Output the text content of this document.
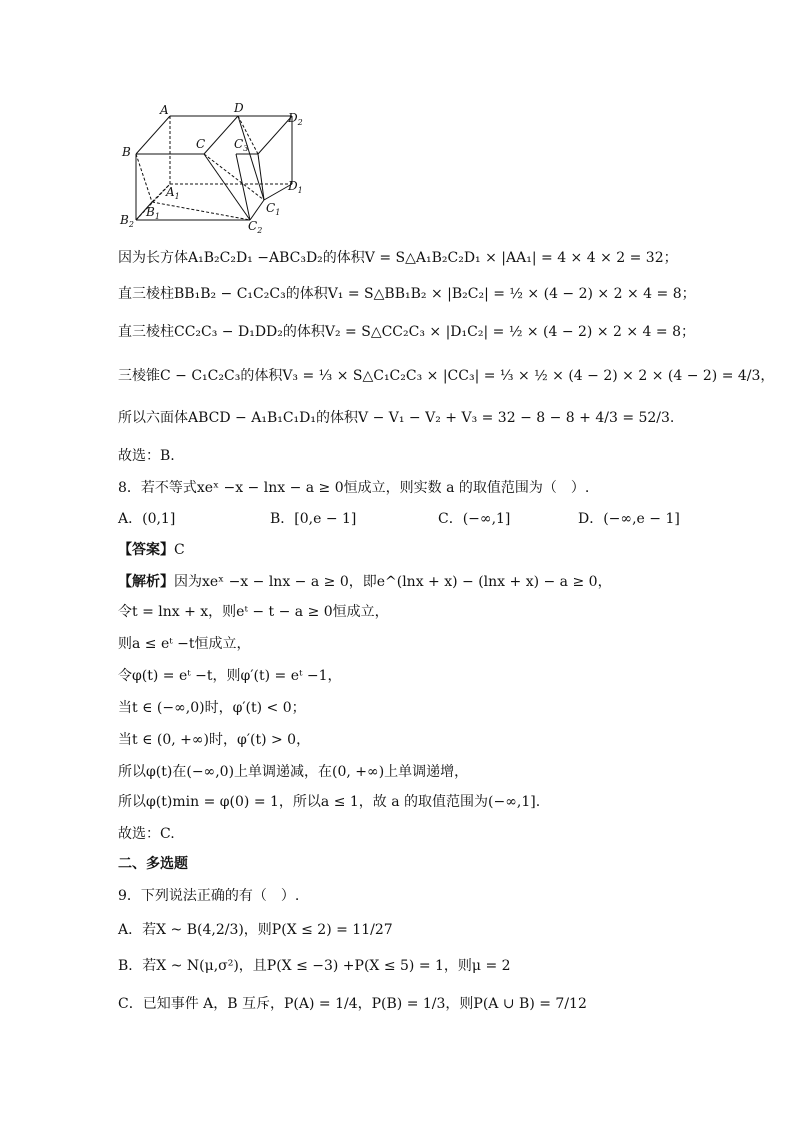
A	D
$D_2$
B
C $C_3$
$A_1$
$D_1$
$B_1$
$C_1$
$B_2$	$C_2$
因为长方体A₁B₂C₂D₁ −ABC₃D₂的体积V = S△A₁B₂C₂D₁ × |AA₁| = 4 × 4 × 2 = 32；
直三棱柱BB₁B₂ − C₁C₂C₃的体积V₁ = S△BB₁B₂ × |B₂C₂| = ½ × (4 − 2) × 2 × 4 = 8；
直三棱柱CC₂C₃ − D₁DD₂的体积V₂ = S△CC₂C₃ × |D₁C₂| = ½ × (4 − 2) × 2 × 4 = 8；
三棱锥C − C₁C₂C₃的体积V₃ = ⅓ × S△C₁C₂C₃ × |CC₃| = ⅓ × ½ × (4 − 2) × 2 × (4 − 2) = 4/3，
所以六面体ABCD − A₁B₁C₁D₁的体积V − V₁ − V₂ + V₃ = 32 − 8 − 8 + 4/3 = 52/3.
故选：B.
8．若不等式xeˣ −x − lnx − a ≥ 0恒成立，则实数 a 的取值范围为（　）.
A．(0,1]	B．[0,e − 1]	C．(−∞,1]	D．(−∞,e − 1]
【答案】C
【解析】因为xeˣ −x − lnx − a ≥ 0，即e^(lnx + x) − (lnx + x) − a ≥ 0，
令t = lnx + x，则eᵗ − t − a ≥ 0恒成立，
则a ≤ eᵗ −t恒成立，
令φ(t) = eᵗ −t，则φ′(t) = eᵗ −1，
当t ∈ (−∞,0)时，φ′(t) < 0；
当t ∈ (0, +∞)时，φ′(t) > 0，
所以φ(t)在(−∞,0)上单调递减，在(0, +∞)上单调递增，
所以φ(t)min = φ(0) = 1，所以a ≤ 1，故 a 的取值范围为(−∞,1].
故选：C.
二、多选题
9．下列说法正确的有（　）.
A．若X ~ B(4,2/3)，则P(X ≤ 2) = 11/27
B．若X ~ N(μ,σ²)，且P(X ≤ −3) +P(X ≤ 5) = 1，则μ = 2
C．已知事件 A，B 互斥，P(A) = 1/4，P(B) = 1/3，则P(A ∪ B) = 7/12
